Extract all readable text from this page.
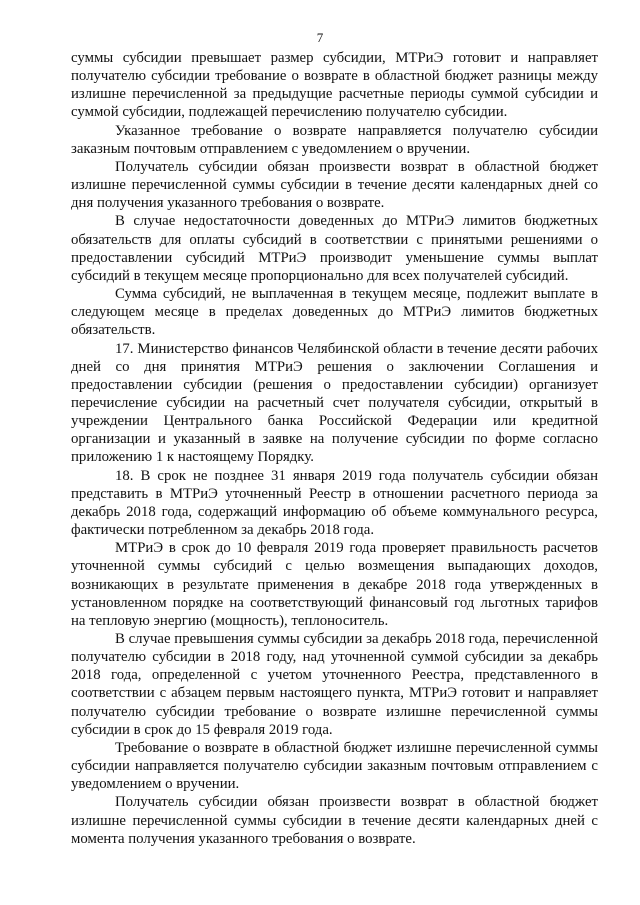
7

суммы субсидии превышает размер субсидии, МТРиЭ готовит и направляет получателю субсидии требование о возврате в областной бюджет разницы между излишне перечисленной за предыдущие расчетные периоды суммой субсидии и суммой субсидии, подлежащей перечислению получателю субсидии.

Указанное требование о возврате направляется получателю субсидии заказным почтовым отправлением с уведомлением о вручении.

Получатель субсидии обязан произвести возврат в областной бюджет излишне перечисленной суммы субсидии в течение десяти календарных дней со дня получения указанного требования о возврате.

В случае недостаточности доведенных до МТРиЭ лимитов бюджетных обязательств для оплаты субсидий в соответствии с принятыми решениями о предоставлении субсидий МТРиЭ производит уменьшение суммы выплат субсидий в текущем месяце пропорционально для всех получателей субсидий.

Сумма субсидий, не выплаченная в текущем месяце, подлежит выплате в следующем месяце в пределах доведенных до МТРиЭ лимитов бюджетных обязательств.

17. Министерство финансов Челябинской области в течение десяти рабочих дней со дня принятия МТРиЭ решения о заключении Соглашения и предоставлении субсидии (решения о предоставлении субсидии) организует перечисление субсидии на расчетный счет получателя субсидии, открытый в учреждении Центрального банка Российской Федерации или кредитной организации и указанный в заявке на получение субсидии по форме согласно приложению 1 к настоящему Порядку.

18. В срок не позднее 31 января 2019 года получатель субсидии обязан представить в МТРиЭ уточненный Реестр в отношении расчетного периода за декабрь 2018 года, содержащий информацию об объеме коммунального ресурса, фактически потребленном за декабрь 2018 года.

МТРиЭ в срок до 10 февраля 2019 года проверяет правильность расчетов уточненной суммы субсидий с целью возмещения выпадающих доходов, возникающих в результате применения в декабре 2018 года утвержденных в установленном порядке на соответствующий финансовый год льготных тарифов на тепловую энергию (мощность), теплоноситель.

В случае превышения суммы субсидии за декабрь 2018 года, перечисленной получателю субсидии в 2018 году, над уточненной суммой субсидии за декабрь 2018 года, определенной с учетом уточненного Реестра, представленного в соответствии с абзацем первым настоящего пункта, МТРиЭ готовит и направляет получателю субсидии требование о возврате излишне перечисленной суммы субсидии в срок до 15 февраля 2019 года.

Требование о возврате в областной бюджет излишне перечисленной суммы субсидии направляется получателю субсидии заказным почтовым отправлением с уведомлением о вручении.

Получатель субсидии обязан произвести возврат в областной бюджет излишне перечисленной суммы субсидии в течение десяти календарных дней с момента получения указанного требования о возврате.
